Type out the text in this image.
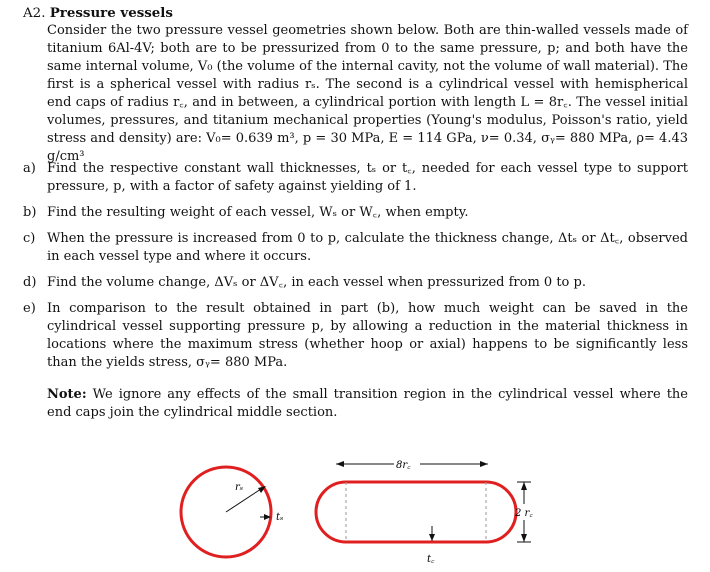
A2. Pressure vessels
Consider the two pressure vessel geometries shown below. Both are thin-walled vessels made of titanium 6Al-4V; both are to be pressurized from 0 to the same pressure, p; and both have the same internal volume, V₀ (the volume of the internal cavity, not the volume of wall material). The first is a spherical vessel with radius rₛ. The second is a cylindrical vessel with hemispherical end caps of radius r꜀, and in between, a cylindrical portion with length L = 8r꜀. The vessel initial volumes, pressures, and titanium mechanical properties (Young's modulus, Poisson's ratio, yield stress and density) are: V₀= 0.639 m³, p = 30 MPa, E = 114 GPa, ν= 0.34, σᵧ= 880 MPa, ρ= 4.43 g/cm³
a) Find the respective constant wall thicknesses, tₛ or t꜀, needed for each vessel type to support pressure, p, with a factor of safety against yielding of 1.
b) Find the resulting weight of each vessel, Wₛ or W꜀, when empty.
c) When the pressure is increased from 0 to p, calculate the thickness change, Δtₛ or Δt꜀, observed in each vessel type and where it occurs.
d) Find the volume change, ΔVₛ or ΔV꜀, in each vessel when pressurized from 0 to p.
e) In comparison to the result obtained in part (b), how much weight can be saved in the cylindrical vessel supporting pressure p, by allowing a reduction in the material thickness in locations where the maximum stress (whether hoop or axial) happens to be significantly less than the yields stress, σᵧ= 880 MPa.
Note: We ignore any effects of the small transition region in the cylindrical vessel where the end caps join the cylindrical middle section.
rₛ
tₛ
8r꜀
2 r꜀
t꜀
